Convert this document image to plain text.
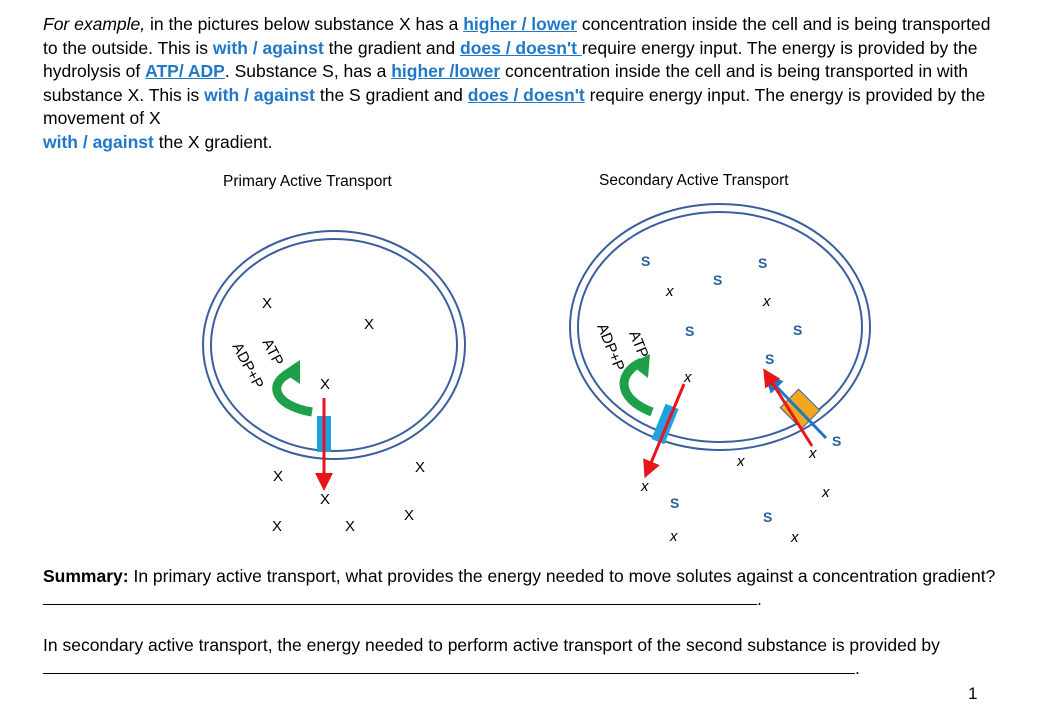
For example, in the pictures below substance X has a higher / lower concentration inside the cell and is being transported to the outside. This is with / against the gradient and does / doesn't require energy input. The energy is provided by the hydrolysis of ATP/ ADP. Substance S, has a higher /lower concentration inside the cell and is being transported in with substance X. This is with / against the S gradient and does / doesn't require energy input. The energy is provided by the movement of X
with / against the X gradient.
Primary Active Transport	Secondary Active Transport
ATP
ADP+P
X
X
X
X
X
X
X
X	X
ATP
ADP+P
S	S
S
S	S
S
S
S
S
x
x
x
x	x
x
x
x	x
Summary: In primary active transport, what provides the energy needed to move solutes against a concentration gradient?.
In secondary active transport, the energy needed to perform active transport of the second substance is provided by .
1
